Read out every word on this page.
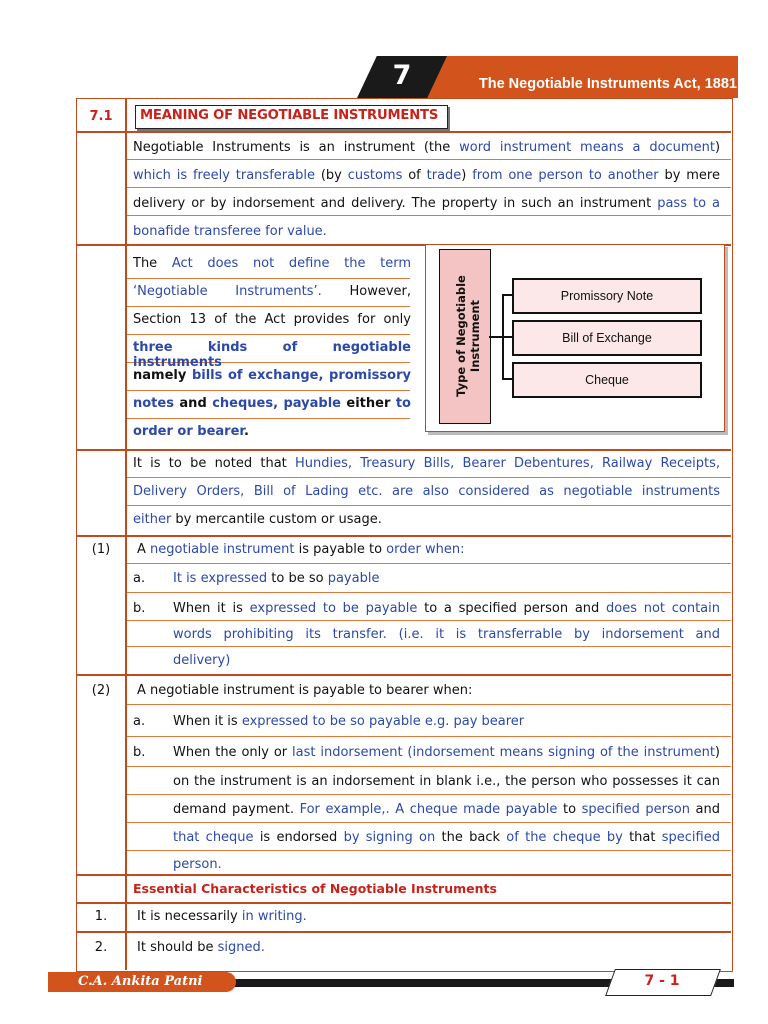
7	The Negotiable Instruments Act, 1881
7.1	MEANING OF NEGOTIABLE INSTRUMENTS
Negotiable Instruments is an instrument (the word instrument means a document)
which is freely transferable (by customs of trade) from one person to another by mere
delivery or by indorsement and delivery. The property in such an instrument pass to a
bonafide transferee for value.
The Act does not define the term
‘Negotiable Instruments’. However,
Section 13 of the Act provides for only
three kinds of negotiable instruments
namely bills of exchange, promissory
notes and cheques, payable either to
order or bearer.
Type of Negotiable Instrument
Promissory Note
Bill of Exchange
Cheque
It is to be noted that Hundies, Treasury Bills, Bearer Debentures, Railway Receipts,
Delivery Orders, Bill of Lading etc. are also considered as negotiable instruments
either by mercantile custom or usage.
(1)	A negotiable instrument is payable to order when:
a. It is expressed to be so payable
b. When it is expressed to be payable to a specified person and does not contain
words prohibiting its transfer. (i.e. it is transferrable by indorsement and
delivery)
(2)	A negotiable instrument is payable to bearer when:
a. When it is expressed to be so payable e.g. pay bearer
b. When the only or last indorsement (indorsement means signing of the instrument)
on the instrument is an indorsement in blank i.e., the person who possesses it can
demand payment. For example,. A cheque made payable to specified person and
that cheque is endorsed by signing on the back of the cheque by that specified
person.
Essential Characteristics of Negotiable Instruments
1.	It is necessarily in writing.
2.	It should be signed.
C.A. Ankita Patni	7 - 1
